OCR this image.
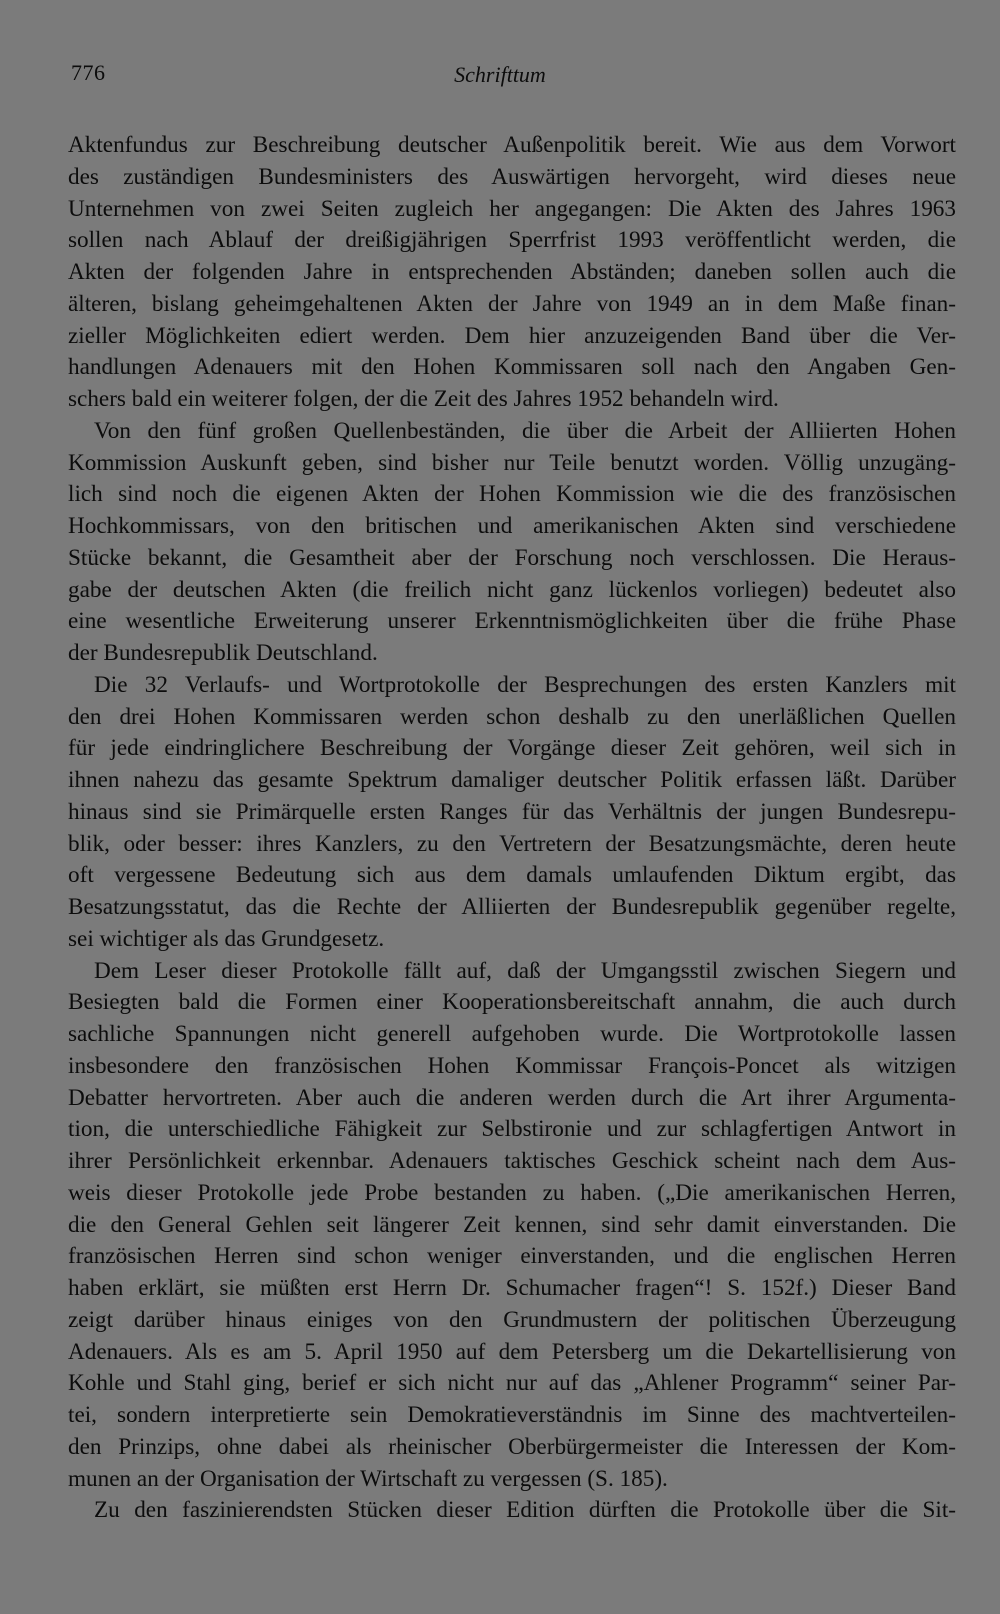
776	Schrifttum
Aktenfundus zur Beschreibung deutscher Außenpolitik bereit. Wie aus dem Vorwort
des zuständigen Bundesministers des Auswärtigen hervorgeht, wird dieses neue
Unternehmen von zwei Seiten zugleich her angegangen: Die Akten des Jahres 1963
sollen nach Ablauf der dreißigjährigen Sperrfrist 1993 veröffentlicht werden, die
Akten der folgenden Jahre in entsprechenden Abständen; daneben sollen auch die
älteren, bislang geheimgehaltenen Akten der Jahre von 1949 an in dem Maße finan-
zieller Möglichkeiten ediert werden. Dem hier anzuzeigenden Band über die Ver-
handlungen Adenauers mit den Hohen Kommissaren soll nach den Angaben Gen-
schers bald ein weiterer folgen, der die Zeit des Jahres 1952 behandeln wird.
Von den fünf großen Quellenbeständen, die über die Arbeit der Alliierten Hohen
Kommission Auskunft geben, sind bisher nur Teile benutzt worden. Völlig unzugäng-
lich sind noch die eigenen Akten der Hohen Kommission wie die des französischen
Hochkommissars, von den britischen und amerikanischen Akten sind verschiedene
Stücke bekannt, die Gesamtheit aber der Forschung noch verschlossen. Die Heraus-
gabe der deutschen Akten (die freilich nicht ganz lückenlos vorliegen) bedeutet also
eine wesentliche Erweiterung unserer Erkenntnismöglichkeiten über die frühe Phase
der Bundesrepublik Deutschland.
Die 32 Verlaufs- und Wortprotokolle der Besprechungen des ersten Kanzlers mit
den drei Hohen Kommissaren werden schon deshalb zu den unerläßlichen Quellen
für jede eindringlichere Beschreibung der Vorgänge dieser Zeit gehören, weil sich in
ihnen nahezu das gesamte Spektrum damaliger deutscher Politik erfassen läßt. Darüber
hinaus sind sie Primärquelle ersten Ranges für das Verhältnis der jungen Bundesrepu-
blik, oder besser: ihres Kanzlers, zu den Vertretern der Besatzungsmächte, deren heute
oft vergessene Bedeutung sich aus dem damals umlaufenden Diktum ergibt, das
Besatzungsstatut, das die Rechte der Alliierten der Bundesrepublik gegenüber regelte,
sei wichtiger als das Grundgesetz.
Dem Leser dieser Protokolle fällt auf, daß der Umgangsstil zwischen Siegern und
Besiegten bald die Formen einer Kooperationsbereitschaft annahm, die auch durch
sachliche Spannungen nicht generell aufgehoben wurde. Die Wortprotokolle lassen
insbesondere den französischen Hohen Kommissar François-Poncet als witzigen
Debatter hervortreten. Aber auch die anderen werden durch die Art ihrer Argumenta-
tion, die unterschiedliche Fähigkeit zur Selbstironie und zur schlagfertigen Antwort in
ihrer Persönlichkeit erkennbar. Adenauers taktisches Geschick scheint nach dem Aus-
weis dieser Protokolle jede Probe bestanden zu haben. („Die amerikanischen Herren,
die den General Gehlen seit längerer Zeit kennen, sind sehr damit einverstanden. Die
französischen Herren sind schon weniger einverstanden, und die englischen Herren
haben erklärt, sie müßten erst Herrn Dr. Schumacher fragen“! S. 152f.) Dieser Band
zeigt darüber hinaus einiges von den Grundmustern der politischen Überzeugung
Adenauers. Als es am 5. April 1950 auf dem Petersberg um die Dekartellisierung von
Kohle und Stahl ging, berief er sich nicht nur auf das „Ahlener Programm“ seiner Par-
tei, sondern interpretierte sein Demokratieverständnis im Sinne des machtverteilen-
den Prinzips, ohne dabei als rheinischer Oberbürgermeister die Interessen der Kom-
munen an der Organisation der Wirtschaft zu vergessen (S. 185).
Zu den faszinierendsten Stücken dieser Edition dürften die Protokolle über die Sit-
